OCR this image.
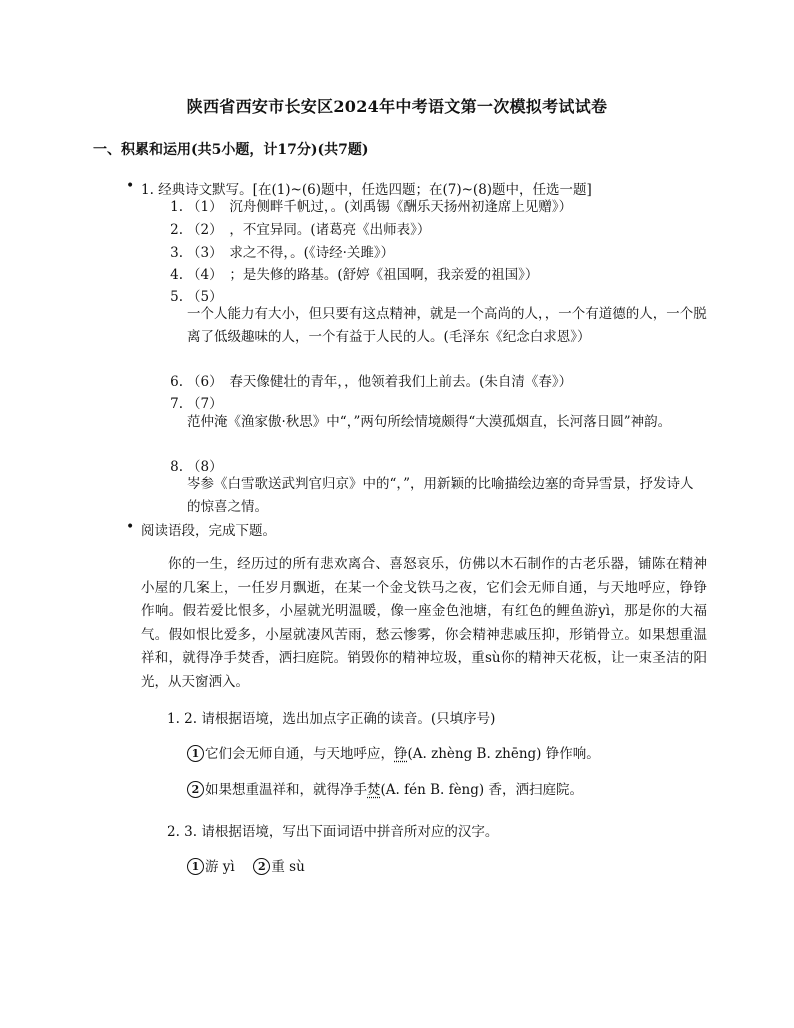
陕西省西安市长安区2024年中考语文第一次模拟考试试卷
一、积累和运用(共5小题，计17分)(共7题)
• 1. 经典诗文默写。[在(1)~(6)题中，任选四题；在(7)~(8)题中，任选一题]
1. （1）　沉舟侧畔千帆过，。(刘禹锡《酬乐天扬州初逢席上见赠》）
2. （2）　，不宜异同。(诸葛亮《出师表》）
3. （3）　求之不得，。(《诗经·关雎》）
4. （4）　；是失修的路基。(舒婷《祖国啊，我亲爱的祖国》）
5. （5）
一个人能力有大小，但只要有这点精神，就是一个高尚的人，，一个有道德的人，一个脱离了低级趣味的人，一个有益于人民的人。(毛泽东《纪念白求恩》）
6. （6）　春天像健壮的青年，，他领着我们上前去。(朱自清《春》）
7. （7）
范仲淹《渔家傲·秋思》中“，”两句所绘情境颇得“大漠孤烟直，长河落日圆”神韵。
8. （8）
岑参《白雪歌送武判官归京》中的“，”，用新颖的比喻描绘边塞的奇异雪景，抒发诗人的惊喜之情。
• 阅读语段，完成下题。
你的一生，经历过的所有悲欢离合、喜怒哀乐，仿佛以木石制作的古老乐器，铺陈在精神小屋的几案上，一任岁月飘逝，在某一个金戈铁马之夜，它们会无师自通，与天地呼应，铮铮作响。假若爱比恨多，小屋就光明温暖，像一座金色池塘，有红色的鲤鱼游yì，那是你的大福气。假如恨比爱多，小屋就凄风苦雨，愁云惨雾，你会精神悲戚压抑，形销骨立。如果想重温祥和，就得净手焚香，洒扫庭院。销毁你的精神垃圾，重sù你的精神天花板，让一束圣洁的阳光，从天窗洒入。
1. 2. 请根据语境，选出加点字正确的读音。(只填序号)
1 它们会无师自通，与天地呼应，铮(A. zhèng B. zhēng) 铮作响。
2 如果想重温祥和，就得净手焚(A. fén B. fèng) 香，洒扫庭院。
2. 3. 请根据语境，写出下面词语中拼音所对应的汉字。
1 游 yì 2 重 sù
